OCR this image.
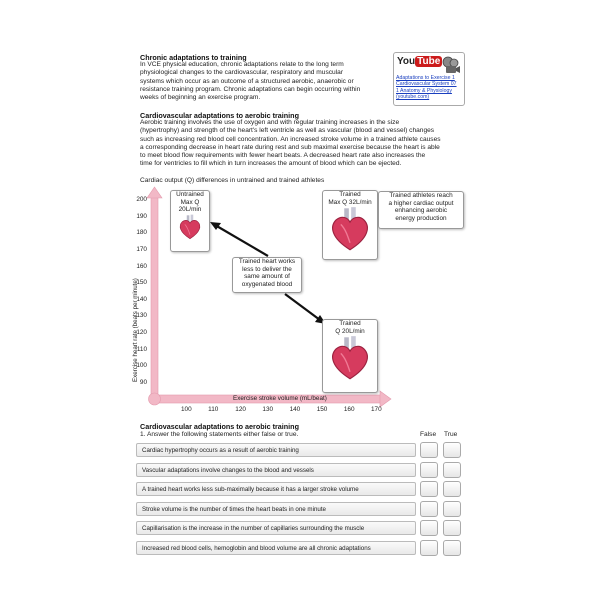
Chronic adaptations to training
In VCE physical education, chronic adaptations relate to the long term
physiological changes to the cardiovascular, respiratory and muscular
systems which occur as an outcome of a structured aerobic, anaerobic or
resistance training program. Chronic adaptations can begin occurring within
weeks of beginning an exercise program.
You Tube
Adaptations to Exercise 1
Cardiovascular System 07
1 Anatomy & Physiology
(youtube.com)
Cardiovascular adaptations to aerobic training
Aerobic training involves the use of oxygen and with regular training increases in the size
(hypertrophy) and strength of the heart's left ventricle as well as vascular (blood and vessel) changes
such as increasing red blood cell concentration. An increased stroke volume in a trained athlete causes
a corresponding decrease in heart rate during rest and sub maximal exercise because the heart is able
to meet blood flow requirements with fewer heart beats. A decreased heart rate also increases the
time for ventricles to fill which in turn increases the amount of blood which can be ejected.
Cardiac output (Q) differences in untrained and trained athletes
90
100
110
120
130
140
150
160
170
180
190
200
100	110	120	130	140	150	160	170
Exercise heart rate (beats per minute)
Exercise stroke volume (mL/beat)
Untrained
Max Q
20L/min
Trained
Max Q 32L/min
Trained athletes reach
a higher cardiac output
enhancing aerobic
energy production
Trained heart works
less to deliver the
same amount of
oxygenated blood
Trained
Q 20L/min
Cardiovascular adaptations to aerobic training
1. Answer the following statements either false or true.	False True
Cardiac hypertrophy occurs as a result of aerobic training
Vascular adaptations involve changes to the blood and vessels
A trained heart works less sub-maximally because it has a larger stroke volume
Stroke volume is the number of times the heart beats in one minute
Capillarisation is the increase in the number of capillaries surrounding the muscle
Increased red blood cells, hemoglobin and blood volume are all chronic adaptations
